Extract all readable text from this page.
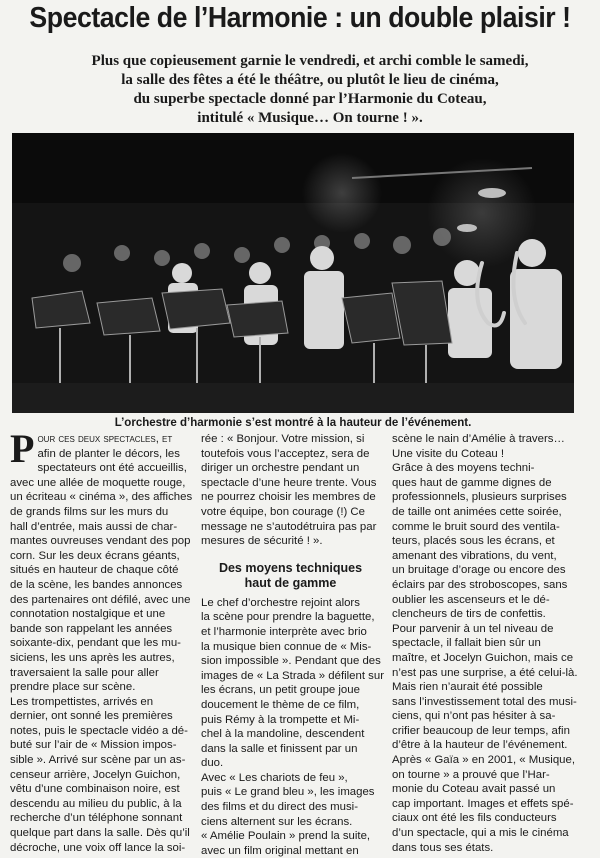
Spectacle de l’Harmonie : un double plaisir !
Plus que copieusement garnie le vendredi, et archi comble le samedi,
la salle des fêtes a été le théâtre, ou plutôt le lieu de cinéma,
du superbe spectacle donné par l’Harmonie du Coteau,
intitulé « Musique… On tourne ! ».
L’orchestre d’harmonie s’est montré à la hauteur de l’événement.
P our ces deux spectacles, et
afin de planter le décors, les
spectateurs ont été accueillis,
avec une allée de moquette rouge,
un écriteau « cinéma », des affiches
de grands films sur les murs du
hall d’entrée, mais aussi de char-
mantes ouvreuses vendant des pop
corn. Sur les deux écrans géants,
situés en hauteur de chaque côté
de la scène, les bandes annonces
des partenaires ont défilé, avec une
connotation nostalgique et une
bande son rappelant les années
soixante-dix, pendant que les mu-
siciens, les uns après les autres,
traversaient la salle pour aller
prendre place sur scène.
Les trompettistes, arrivés en
dernier, ont sonné les premières
notes, puis le spectacle vidéo a dé-
buté sur l’air de « Mission impos-
sible ». Arrivé sur scène par un as-
censeur arrière, Jocelyn Guichon,
vêtu d’une combinaison noire, est
descendu au milieu du public, à la
recherche d’un téléphone sonnant
quelque part dans la salle. Dès qu’il
décroche, une voix off lance la soi-
rée : « Bonjour. Votre mission, si
toutefois vous l’acceptez, sera de
diriger un orchestre pendant un
spectacle d’une heure trente. Vous
ne pourrez choisir les membres de
votre équipe, bon courage (!) Ce
message ne s’autodétruira pas par
mesures de sécurité ! ».
Des moyens techniques
haut de gamme
Le chef d’orchestre rejoint alors
la scène pour prendre la baguette,
et l’harmonie interprète avec brio
la musique bien connue de « Mis-
sion impossible ». Pendant que des
images de « La Strada » défilent sur
les écrans, un petit groupe joue
doucement le thème de ce film,
puis Rémy à la trompette et Mi-
chel à la mandoline, descendent
dans la salle et finissent par un
duo.
Avec « Les chariots de feu »,
puis « Le grand bleu », les images
des films et du direct des musi-
ciens alternent sur les écrans.
« Amélie Poulain » prend la suite,
avec un film original mettant en
scène le nain d’Amélie à travers…
Une visite du Coteau !
Grâce à des moyens techni-
ques haut de gamme dignes de
professionnels, plusieurs surprises
de taille ont animées cette soirée,
comme le bruit sourd des ventila-
teurs, placés sous les écrans, et
amenant des vibrations, du vent,
un bruitage d’orage ou encore des
éclairs par des stroboscopes, sans
oublier les ascenseurs et le dé-
clencheurs de tirs de confettis.
Pour parvenir à un tel niveau de
spectacle, il fallait bien sûr un
maître, et Jocelyn Guichon, mais ce
n’est pas une surprise, a été celui-là.
Mais rien n’aurait été possible
sans l’investissement total des musi-
ciens, qui n’ont pas hésiter à sa-
crifier beaucoup de leur temps, afin
d’être à la hauteur de l’événement.
Après « Gaïa » en 2001, « Musique,
on tourne » a prouvé que l’Har-
monie du Coteau avait passé un
cap important. Images et effets spé-
ciaux ont été les fils conducteurs
d’un spectacle, qui a mis le cinéma
dans tous ses états.
